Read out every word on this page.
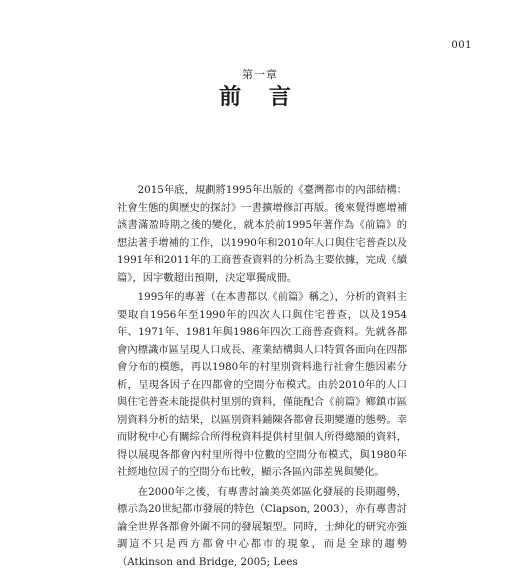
001
第一章
前 言

2015年底，規劃將1995年出版的《臺灣都市的內部結構：社會生態的與歷史的探討》一書擴增修訂再版。後來覺得應增補該書滿盈時期之後的變化，就本於前1995年著作為《前篇》的想法著手增補的工作，以1990年和2010年人口與住宅普查以及1991年和2011年的工商普查資料的分析為主要依據，完成《續篇》，因字數超出預期，決定單獨成冊。

1995年的專著（在本書都以《前篇》稱之），分析的資料主要取自1956年至1990年的四次人口與住宅普查，以及1954年、1971年、1981年與1986年四次工商普查資料。先就各都會內標識市區呈現人口成長、產業結構與人口特質各面向在四都會分布的模態，再以1980年的村里別資料進行社會生態因素分析，呈現各因子在四都會的空間分布模式。由於2010年的人口與住宅普查未能提供村里別的資料，僅能配合《前篇》鄉鎮市區別資料分析的結果，以區別資料鋪陳各都會長期變遷的態勢。幸而財稅中心有關綜合所得稅資料提供村里個人所得總額的資料，得以展現各都會內村里所得中位數的空間分布模式，與1980年社經地位因子的空間分布比較，顯示各區內部差異與變化。

在2000年之後，有專書討論美英郊區化發展的長期趨勢，標示為20世紀都市發展的特色（Clapson, 2003），亦有專書討論全世界各都會外圍不同的發展類型。同時，士紳化的研究亦強調這不只是西方都會中心都市的現象，而是全球的趨勢（Atkinson and Bridge, 2005; Lees
